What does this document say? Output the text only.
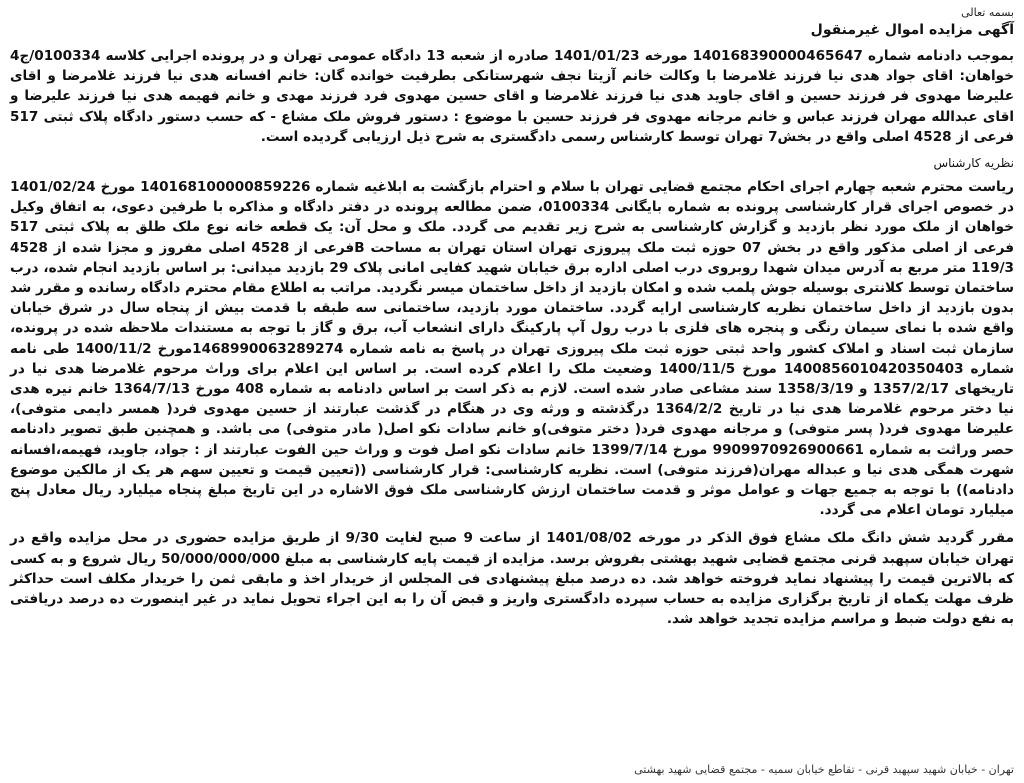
بسمه تعالی

آگهی مزایده اموال غیرمنقول

بموجب دادنامه شماره 140168390000465647 مورخه 1401/01/23 صادره از شعبه 13 دادگاه عمومی تهران و در پرونده اجرایی کلاسه 0100334/ج4 خواهان: اقای جواد هدی نیا فرزند غلامرضا با وکالت خانم آزیتا نجف شهرستانکی بطرفیت خوانده گان: خانم افسانه هدی نیا فرزند غلامرضا و اقای علیرضا مهدوی فر فرزند حسین و اقای جاوید هدی نیا فرزند غلامرضا و اقای حسین مهدوی فرد فرزند مهدی و خانم فهیمه هدی نیا فرزند علیرضا و اقای عبدالله مهران فرزند عباس و خانم مرجانه مهدوی فر فرزند حسین با موضوع : دستور فروش ملک مشاع - که حسب دستور دادگاه پلاک ثبتی 517 فرعی از 4528 اصلی واقع در بخش7 تهران توسط کارشناس رسمی دادگستری به شرح ذیل ارزیابی گردیده است.

نظریه کارشناس

ریاست محترم شعبه چهارم اجرای احکام مجتمع قضایی تهران با سلام و احترام بازگشت به ابلاغیه شماره 140168100000859226 مورخ 1401/02/24 در خصوص اجرای قرار کارشناسی پرونده به شماره بایگانی 0100334، ضمن مطالعه پرونده در دفتر دادگاه و مذاکره با طرفین دعوی، به اتفاق وکیل خواهان از ملک مورد نظر بازدید و گزارش کارشناسی به شرح زیر تقدیم می گردد. ملک و محل آن: یک قطعه خانه نوع ملک طلق به پلاک ثبتی 517 فرعی از اصلی مذکور واقع در بخش 07 حوزه ثبت ملک پیروزی تهران استان تهران به مساحت Bفرعی از 4528 اصلی مفروز و مجزا شده از 4528 119/3 متر مربع به آدرس میدان شهدا روبروی درب اصلی اداره برق خیابان شهید کفایی امانی پلاک 29 بازدید میدانی: بر اساس بازدید انجام شده، درب ساختمان توسط کلانتری بوسیله جوش پلمب شده و امکان بازدید از داخل ساختمان میسر نگردید. مراتب به اطلاع مقام محترم دادگاه رسانده و مقرر شد بدون بازدید از داخل ساختمان نظریه کارشناسی ارایه گردد. ساختمان مورد بازدید، ساختمانی سه طبقه با قدمت بیش از پنجاه سال در شرق خیابان واقع شده با نمای سیمان رنگی و پنجره های فلزی با درب رول آپ پارکینگ دارای انشعاب آب، برق و گاز با توجه به مستندات ملاحظه شده در پرونده، سازمان ثبت اسناد و املاک کشور واحد ثبتی حوزه ثبت ملک پیروزی تهران در پاسخ به نامه شماره 1468990063289274مورخ 1400/11/2 طی نامه شماره 140085601042035040​3 مورخ 1400/11/5 وضعیت ملک را اعلام کرده است. بر اساس این اعلام برای وراث مرحوم غلامرضا هدی نیا در تاریخهای 1357/2/17 و 1358/3/19 سند مشاعی صادر شده است. لازم به ذکر است بر اساس دادنامه به شماره 408 مورخ 1364/7/13 خانم نیره هدی نیا دختر مرحوم غلامرضا هدی نیا در تاریخ 1364/2/2 درگذشته و ورثه وی در هنگام در گذشت عبارتند از حسین مهدوی فرد( همسر دایمی متوفی)، علیرضا مهدوی فرد( پسر متوفی) و مرجانه مهدوی فرد( دختر متوفی)و خانم سادات نکو اصل( مادر متوفی) می باشد. و همچنین طبق تصویر دادنامه حصر وراثت به شماره 9909970926900661 مورخ 1399/7/14 خانم سادات نکو اصل فوت و وراث حین الفوت عبارتند از : جواد، جاوید، فهیمه،افسانه شهرت همگی هدی نیا و عبداله مهران(فرزند متوفی) است. نظریه کارشناسی: قرار کارشناسی ((تعیین قیمت و تعیین سهم هر یک از مالکین موضوع دادنامه)) با توجه به جمیع جهات و عوامل موثر و قدمت ساختمان ارزش کارشناسی ملک فوق الاشاره در این تاریخ مبلغ پنجاه میلیارد ریال معادل پنج میلیارد تومان اعلام می گردد.

مقرر گردید شش دانگ ملک مشاع فوق الذکر در مورخه 1401/08/02 از ساعت 9 صبح لغایت 9/30 از طریق مزایده حضوری در محل مزایده واقع در تهران خیابان سپهبد قرنی مجتمع قضایی شهید بهشتی بفروش برسد. مزایده از قیمت پایه کارشناسی به مبلغ 50/000/000/000 ریال شروع و به کسی که بالاترین قیمت را پیشنهاد نماید فروخته خواهد شد. ده درصد مبلغ پیشنهادی فی المجلس از خریدار اخذ و مابقی ثمن را خریدار مکلف است حداکثر ظرف مهلت یکماه از تاریخ برگزاری مزایده به حساب سپرده دادگستری واریز و قبض آن را به این اجراء تحویل نماید در غیر اینصورت ده درصد دریافتی به نفع دولت ضبط و مراسم مزایده تجدید خواهد شد.

تهران - خیابان شهید سپهبد قرنی - تقاطع خیابان سمیه - مجتمع قضایی شهید بهشتی
